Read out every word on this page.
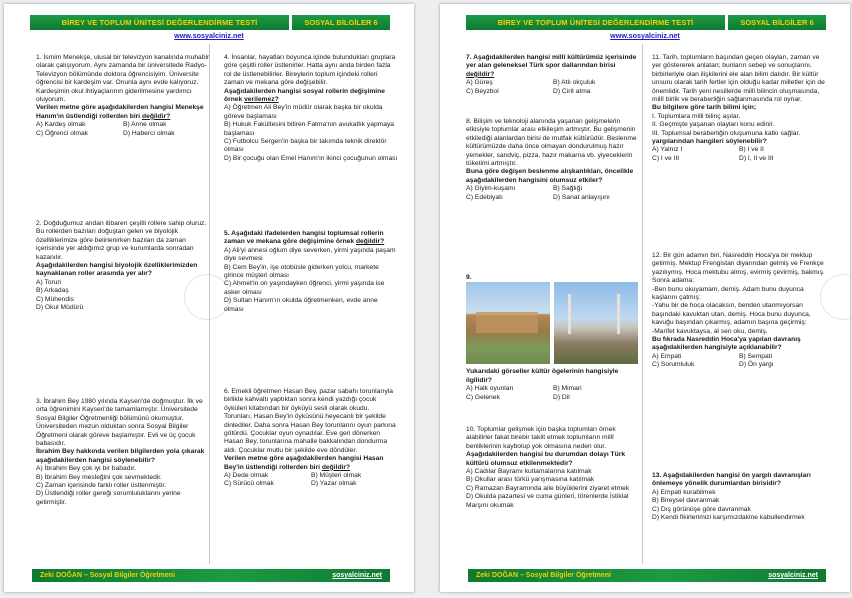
BİREY VE TOPLUM ÜNİTESİ DEĞERLENDİRME TESTİ	SOSYAL BİLGİLER 6
www.sosyalciniz.net
1. İsmim Menekşe, ulusal bir televizyon kanalında muhabir olarak çalışıyorum. Aynı zamanda bir üniversitede Radyo-Televizyon bölümünde doktora öğrencisiyim. Üniversite öğrencisi bir kardeşim var. Onunla aynı evde kalıyoruz. Kardeşimin okul ihtiyaçlarının giderilmesine yardımcı oluyorum.
Verilen metne göre aşağıdakilerden hangisi Menekşe Hanım'ın üstlendiği rollerden biri değildir?
A) Kardeş olmak	B) Anne olmak
C) Öğrenci olmak	D) Haberci olmak
2. Doğduğumuz andan itibaren çeşitli rollere sahip oluruz. Bu rollerden bazıları doğuştan gelen ve biyolojik özelliklerimize göre belirlenirken bazıları da zaman içerisinde yer aldığımız grup ve kurumlarda sonradan kazanılır.
Aşağıdakilerden hangisi biyolojik özelliklerimizden kaynaklanan roller arasında yer alır?
A) Torun
B) Arkadaş
C) Mühendis
D) Okul Müdürü
3. İbrahim Bey 1980 yılında Kayseri'de doğmuştur. İlk ve orta öğrenimini Kayseri'de tamamlamıştır. Üniversitede Sosyal Bilgiler Öğretmenliği bölümünü okumuştur. Üniversiteden mezun olduktan sonra Sosyal Bilgiler Öğretmeni olarak göreve başlamıştır. Evli ve üç çocuk babasıdır.
İbrahim Bey hakkında verilen bilgilerden yola çıkarak aşağıdakilerden hangisi söylenebilir?
A) İbrahim Bey çok iyi bir babadır.
B) İbrahim Bey mesleğini çok sevmektedir.
C) Zaman içerisinde farklı roller üstlenmiştir.
D) Üstlendiği roller gereği sorumluluklarını yerine getirmiştir.
4. İnsanlar, hayatları boyunca içinde bulundukları gruplara göre çeşitli roller üstlenirler. Hatta aynı anda birden fazla rol de üstlenebilirler. Bireylerin toplum içindeki rolleri zaman ve mekana göre değişebilir.
Aşağıdakilerden hangisi sosyal rollerin değişimine örnek verilemez?
A) Öğretmen Ali Bey'in müdür olarak başka bir okulda göreve başlaması
B) Hukuk Fakültesini bitiren Fatma'nın avukatlık yapmaya başlaması
C) Futbolcu Sergen'in başka bir takımda teknik direktör olması
D) Bir çocuğu olan Emel Hanım'ın ikinci çocuğunun olması
5. Aşağıdaki ifadelerden hangisi toplumsal rollerin zaman ve mekana göre değişimine örnek değildir?
A) Ali'yi annesi oğlum diye severken, yirmi yaşında paşam diye sevmesi
B) Cem Bey'in, işe otobüsle giderken yolcu, markete girince müşteri olması
C) Ahmet'in on yaşındayken öğrenci, yirmi yaşında ise asker olması
D) Sultan Hanım'ın okulda öğretmenken, evde anne olması
6. Emekli öğretmen Hasan Bey, pazar sabahı torunlarıyla birlikte kahvaltı yaptıktan sonra kendi yazdığı çocuk öyküleri kitabından bir öyküyü sesli olarak okudu. Torunları, Hasan Bey'in öyküsünü heyecanlı bir şekilde dinlediler. Daha sonra Hasan Bey torunlarını oyun parkına götürdü. Çocuklar oyun oynadılar. Eve geri dönerken Hasan Bey, torunlarına mahalle bakkalından dondurma aldı. Çocuklar mutlu bir şekilde eve döndüler.
Verilen metne göre aşağıdakilerden hangisi Hasan Bey'in üstlendiği rollerden biri değildir?
A) Dede olmak	B) Müşteri olmak
C) Sürücü olmak	D) Yazar olmak
Zeki DOĞAN – Sosyal Bilgiler Öğretmeni	sosyalciniz.net
BİREY VE TOPLUM ÜNİTESİ DEĞERLENDİRME TESTİ	SOSYAL BİLGİLER 6
www.sosyalciniz.net
7. Aşağıdakilerden hangisi millî kültürümüz içerisinde yer alan geleneksel Türk spor dallarından birisi değildir?
A) Güreş	B) Atlı okçuluk
C) Beyzbol	D) Cirit atma
8. Bilişim ve teknoloji alanında yaşanan gelişmelerin etkisiyle toplumlar arası etkileşim artmıştır. Bu gelişmenin etkilediği alanlardan birisi de mutfak kültürüdür. Beslenme kültürümüzde daha önce olmayan dondurulmuş hazır yemekler, sandviç, pizza, hazır makarna vb. yiyeceklerin tüketimi artmıştır.
Buna göre değişen beslenme alışkanlıkları, öncelikle aşağıdakilerden hangisini olumsuz etkiler?
A) Giyim-kuşamı	B) Sağlığı
C) Edebiyatı	D) Sanat anlayışını
9.
Yukarıdaki görseller kültür ögelerinin hangisiyle ilgilidir?
A) Halk oyunları	B) Mimari
C) Gelenek	D) Dil
10. Toplumlar gelişmek için başka toplumları örnek alabilirler fakat birebir taklit etmek toplumların millî benliklerinin kaybolup yok olmasına neden olur.
Aşağıdakilerden hangisi bu durumdan dolayı Türk kültürü olumsuz etkilenmektedir?
A) Cadılar Bayramı kutlamalarına katılmak
B) Okullar arası türkü yarışmasına katılmak
C) Ramazan Bayramında aile büyüklerini ziyaret etmek
D) Okulda pazartesi ve cuma günleri, törenlerde İstiklal Marşını okumak
11. Tarih, toplumların başından geçen olayları, zaman ve yer göstererek anlatan; bunların sebep ve sonuçlarını, birbirleriyle olan ilişkilerini ele alan bilim dalıdır. Bir kültür unsuru olarak tarih fertler için olduğu kadar milletler için de önemlidir. Tarih yeni nesillerde millî bilincin oluşmasında, millî birlik ve beraberliğin sağlanmasında rol oynar.
Bu bilgilere göre tarih bilimi için;
I. Toplumlara milli bilinç aşılar.
II. Geçmişte yaşanan olayları konu edinir.
III. Toplumsal beraberliğin oluşumuna katkı sağlar.
yargılarından hangileri söylenebilir?
A) Yalnız I	B) I ve II
C) I ve III	D) I, II ve III
12. Bir gün adamın biri, Nasreddin Hoca'ya bir mektup getirmiş. Mektup Frengistan diyarından gelmiş ve Frenkçe yazılıymış. Hoca mektubu almış, evirmiş çevirmiş, bakmış. Sonra adama:
-Ben bunu okuyamam, demiş. Adam bunu duyunca kaşlarını çatmış:
-Yahu bir de hoca olacaksın, benden utanmıyorsan başındaki kavuktan utan, demiş. Hoca bunu duyunca, kavuğu başından çıkarmış, adamın başına geçirmiş:
-Marifet kavuktaysa, al sen oku, demiş.
Bu fıkrada Nasreddin Hoca'ya yapılan davranış aşağıdakilerden hangisiyle açıklanabilir?
A) Empati	B) Sempati
C) Sorumluluk	D) Ön yargı
13. Aşağıdakilerden hangisi ön yargılı davranışları önlemeye yönelik durumlardan birisidir?
A) Empati kurabilmek
B) Bireysel davranmak
C) Dış görünüşe göre davranmak
D) Kendi fikirlerimizi karşımızdakine kabullendirmek
Zeki DOĞAN – Sosyal Bilgiler Öğretmeni	sosyalciniz.net
